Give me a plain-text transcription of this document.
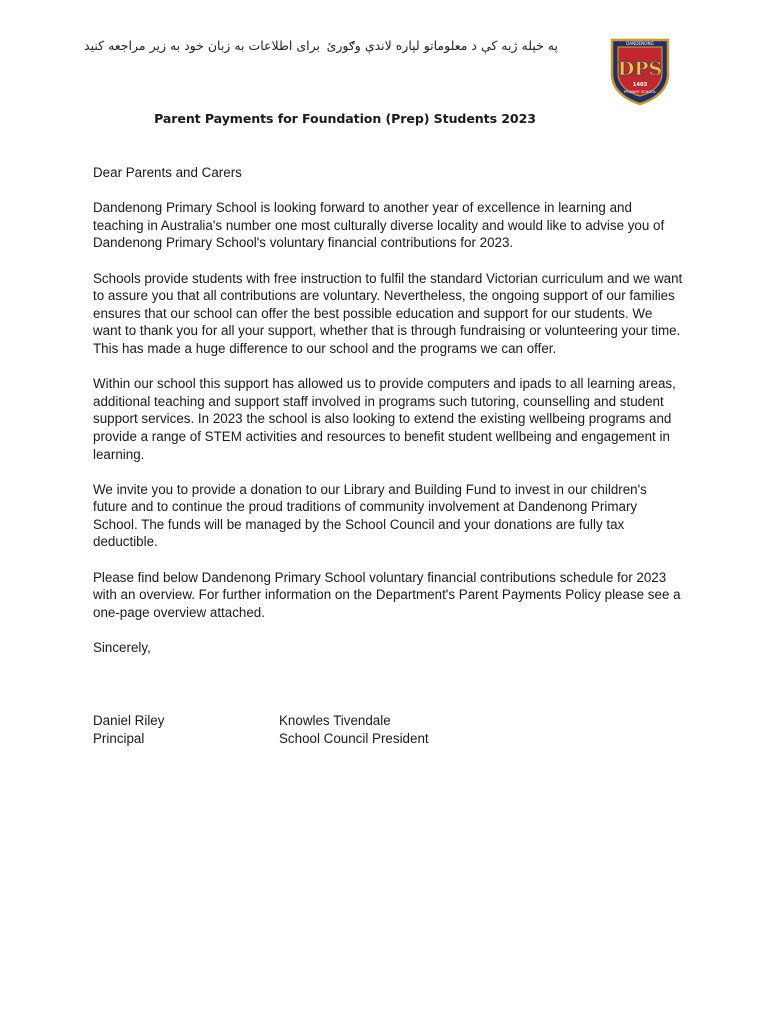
برای اطلاعات به زبان خود به زیر مراجعه کنید په خپله ژبه کې د معلوماتو لپاره لاندې وګورئ	DANDENONG
DPS
1403
PRIMARY SCHOOL
Parent Payments for Foundation (Prep) Students 2023

Dear Parents and Carers

Dandenong Primary School is looking forward to another year of excellence in learning and teaching in Australia's number one most culturally diverse locality and would like to advise you of Dandenong Primary School's voluntary financial contributions for 2023.

Schools provide students with free instruction to fulfil the standard Victorian curriculum and we want to assure you that all contributions are voluntary. Nevertheless, the ongoing support of our families ensures that our school can offer the best possible education and support for our students. We want to thank you for all your support, whether that is through fundraising or volunteering your time. This has made a huge difference to our school and the programs we can offer.

Within our school this support has allowed us to provide computers and ipads to all learning areas, additional teaching and support staff involved in programs such tutoring, counselling and student support services. In 2023 the school is also looking to extend the existing wellbeing programs and provide a range of STEM activities and resources to benefit student wellbeing and engagement in learning.

We invite you to provide a donation to our Library and Building Fund to invest in our children's future and to continue the proud traditions of community involvement at Dandenong Primary School. The funds will be managed by the School Council and your donations are fully tax deductible.

Please find below Dandenong Primary School voluntary financial contributions schedule for 2023 with an overview. For further information on the Department's Parent Payments Policy please see a one-page overview attached.

Sincerely,

Daniel Riley
Principal
Knowles Tivendale
School Council President
